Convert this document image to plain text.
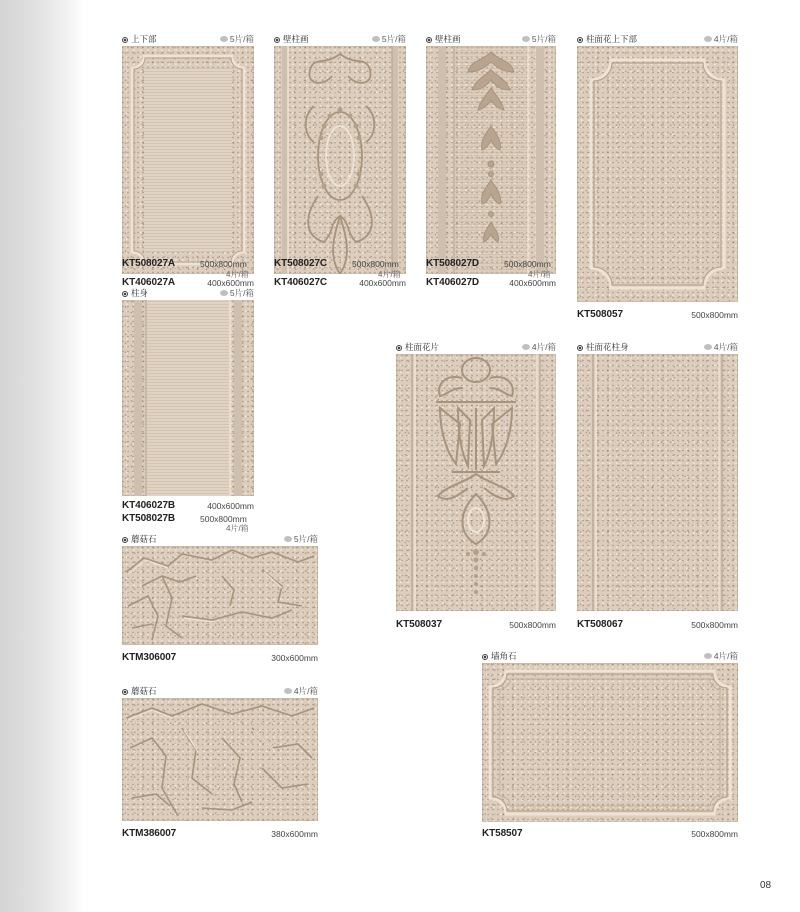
上下部	5片/箱
KT406027A	400x600mm
KT508027A	500x800mm
4片/箱
壁柱画	5片/箱
KT406027C	400x600mm
KT508027C	500x800mm
4片/箱
壁柱画	5片/箱
KT406027D	400x600mm
KT508027D	500x800mm
4片/箱
柱面花上下部	4片/箱
KT508057	500x800mm
柱身	5片/箱
KT406027B	400x600mm
KT508027B	500x800mm
4片/箱
柱面花片	4片/箱
KT508037	500x800mm
柱面花柱身	4片/箱
KT508067	500x800mm
蘑菇石	5片/箱
KTM306007	300x600mm	墙角石	4片/箱
KT58507	500x800mm
蘑菇石	4片/箱
KTM386007	380x600mm
08
